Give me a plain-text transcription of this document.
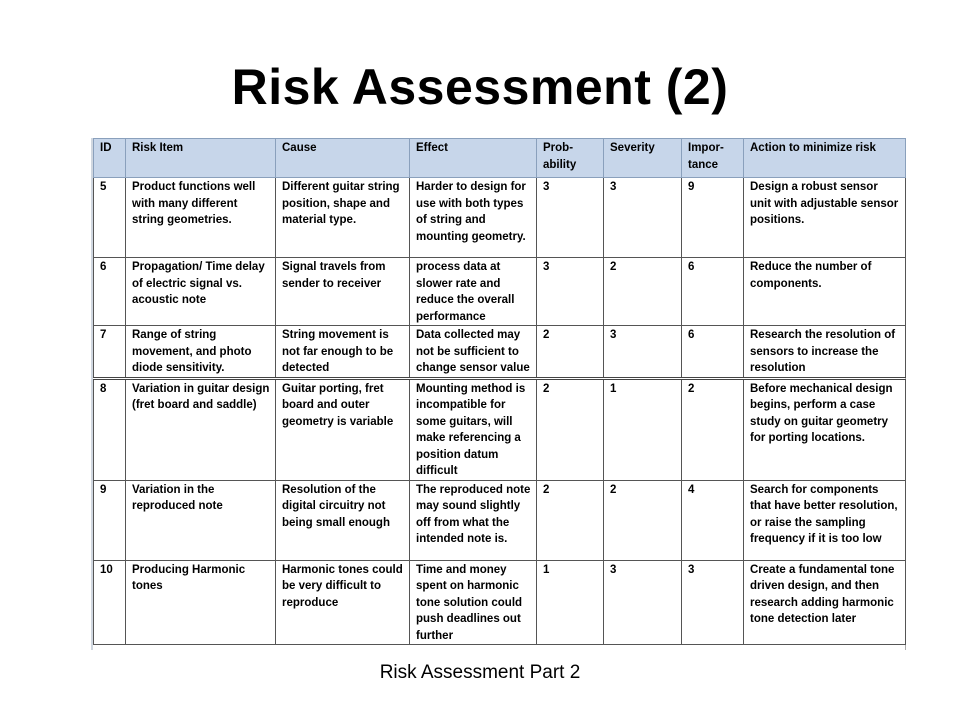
Risk Assessment (2)
ID	Risk Item	Cause	Effect	Prob-ability	Severity	Impor-tance	Action to minimize risk
5	Product functions well with many different string geometries.	Different guitar string position, shape and material type.	Harder to design for use with both types of string and mounting geometry.	3	3	9	Design a robust sensor unit with adjustable sensor positions.
6	Propagation/ Time delay of electric signal vs. acoustic note	Signal travels from sender to receiver	process data at slower rate and reduce the overall performance	3	2	6	Reduce the number of components.
7	Range of string movement, and photo diode sensitivity.	String movement is not far enough to be detected	Data collected may not be sufficient to change sensor value	2	3	6	Research the resolution of sensors to increase the resolution
8	Variation in guitar design (fret board and saddle)	Guitar porting, fret board and outer geometry is variable	Mounting method is incompatible for some guitars, will make referencing a position datum difficult	2	1	2	Before mechanical design begins, perform a case study on guitar geometry for porting locations.
9	Variation in the reproduced note	Resolution of the digital circuitry not being small enough	The reproduced note may sound slightly off from what the intended note is.	2	2	4	Search for components that have better resolution, or raise the sampling frequency if it is too low
10	Producing Harmonic tones	Harmonic tones could be very difficult to reproduce	Time and money spent on harmonic tone solution could push deadlines out further	1	3	3	Create a fundamental tone driven design, and then research adding harmonic tone detection later
Risk Assessment Part 2
